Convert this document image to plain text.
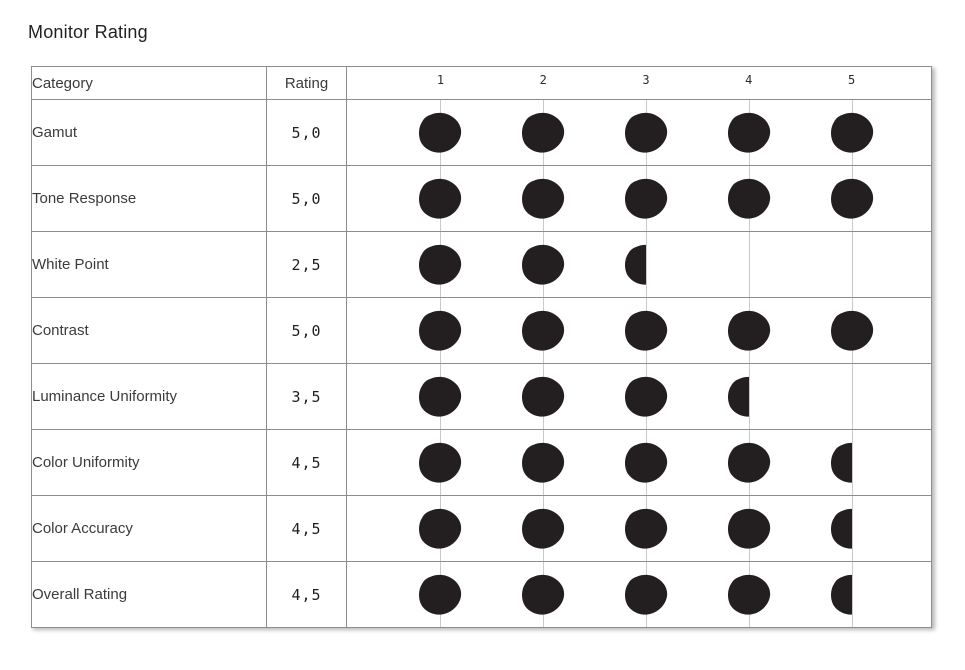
Monitor Rating
Category	Rating	1 2 3 4 5

Gamut	5,0	

Tone Response	5,0	

White Point	2,5	

Contrast	5,0	

Luminance Uniformity	3,5	

Color Uniformity	4,5	

Color Accuracy	4,5	

Overall Rating	4,5	
